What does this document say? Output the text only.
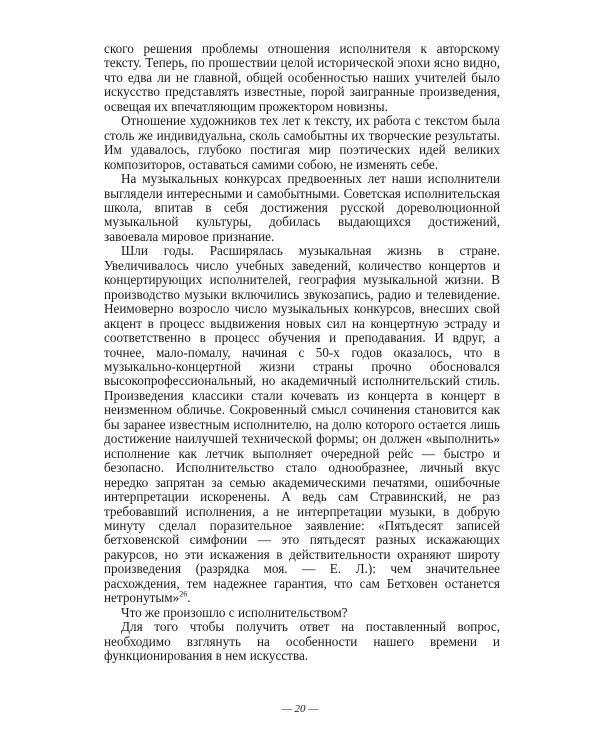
ского решения проблемы отношения исполнителя к авторскому тексту. Теперь, по прошествии целой исторической эпохи ясно видно, что едва ли не главной, общей особенностью наших учителей было искусство представлять известные, порой заигранные произведения, освещая их впечатляющим прожектором новизны.

Отношение художников тех лет к тексту, их работа с текстом была столь же индивидуальна, сколь самобытны их творческие результаты. Им удавалось, глубоко постигая мир поэтических идей великих композиторов, оставаться самими собою, не изменять себе.

На музыкальных конкурсах предвоенных лет наши исполнители выглядели интересными и самобытными. Советская исполнительская школа, впитав в себя достижения русской дореволюционной музыкальной культуры, добилась выдающихся достижений, завоевала мировое признание.

Шли годы. Расширялась музыкальная жизнь в стране. Увеличивалось число учебных заведений, количество концертов и концертирующих исполнителей, география музыкальной жизни. В производство музыки включились звукозапись, радио и телевидение. Неимоверно возросло число музыкальных конкурсов, внесших свой акцент в процесс выдвижения новых сил на концертную эстраду и соответственно в процесс обучения и преподавания. И вдруг, а точнее, мало-помалу, начиная с 50-х годов оказалось, что в музыкально-концертной жизни страны прочно обосновался высокопрофессиональный, но академичный исполнительский стиль. Произведения классики стали кочевать из концерта в концерт в неизменном обличье. Сокровенный смысл сочинения становится как бы заранее известным исполнителю, на долю которого остается лишь достижение наилучшей технической формы; он должен «выполнить» исполнение как летчик выполняет очередной рейс — быстро и безопасно. Исполнительство стало однообразнее, личный вкус нередко запрятан за семью академическими печатями, ошибочные интерпретации искоренены. А ведь сам Стравинский, не раз требовавший исполнения, а не интерпретации музыки, в добрую минуту сделал поразительное заявление: «Пятьдесят записей бетховенской симфонии — это пятьдесят разных искажающих ракурсов, но эти искажения в действительности охраняют широту произведения (разрядка моя. — Е. Л.): чем значительнее расхождения, тем надежнее гарантия, что сам Бетховен останется нетронутым»$^{26}$.

Что же произошло с исполнительством?

Для того чтобы получить ответ на поставленный вопрос, необходимо взглянуть на особенности нашего времени и функционирования в нем искусства.

— 20 —
